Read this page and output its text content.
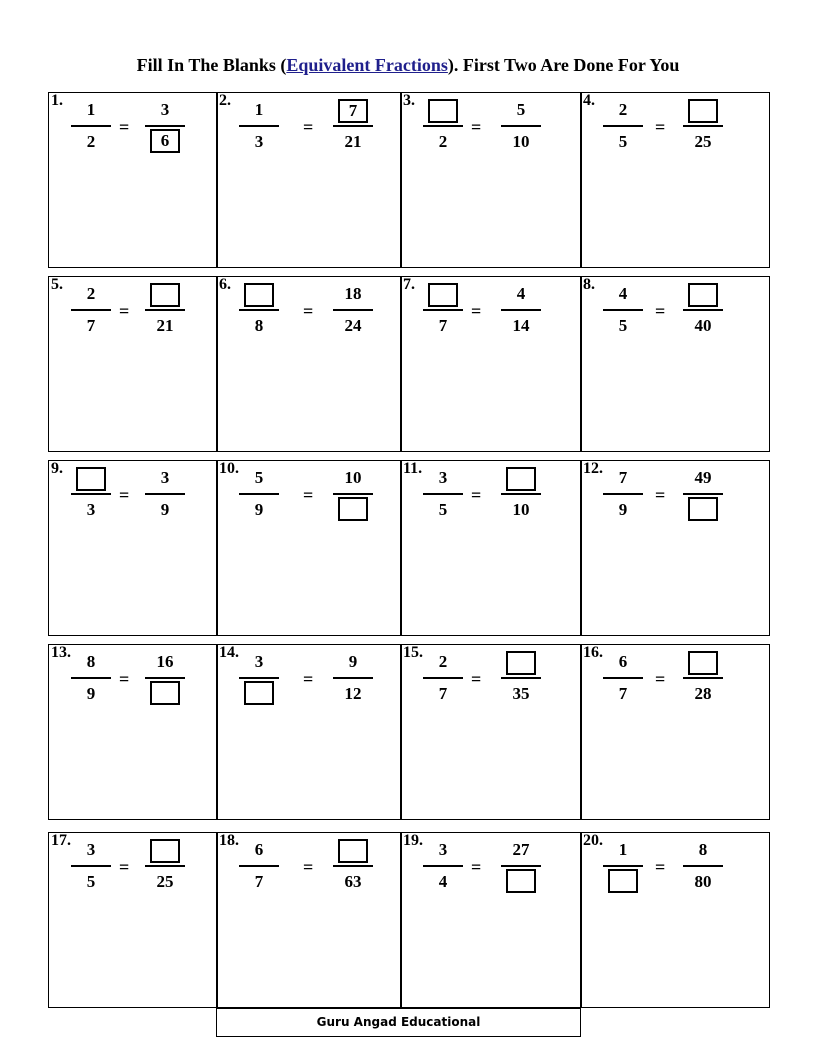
Fill In The Blanks (Equivalent Fractions). First Two Are Done For You
Guru Angad Educational
1. 1
2
=
3
6
2. 1
3
=
7
21
3.
2
=
5
10
4. 2
5
=
25
5. 2
7
=
21
6.
8
=
18
24
7.
7
=
4
14
8. 4
5
=
40
9.
3
=
3
9
10. 5
9
=
10	11. 3
5
=
10
12. 7
9
=
49
13. 8
9
=
16	14. 3
=
9
12
15. 2
7
=
35
16. 6
7
=
28
17. 3
5
=
25
18. 6
7
=
63
19. 3
4
=
27	20. 1
=
8
80
